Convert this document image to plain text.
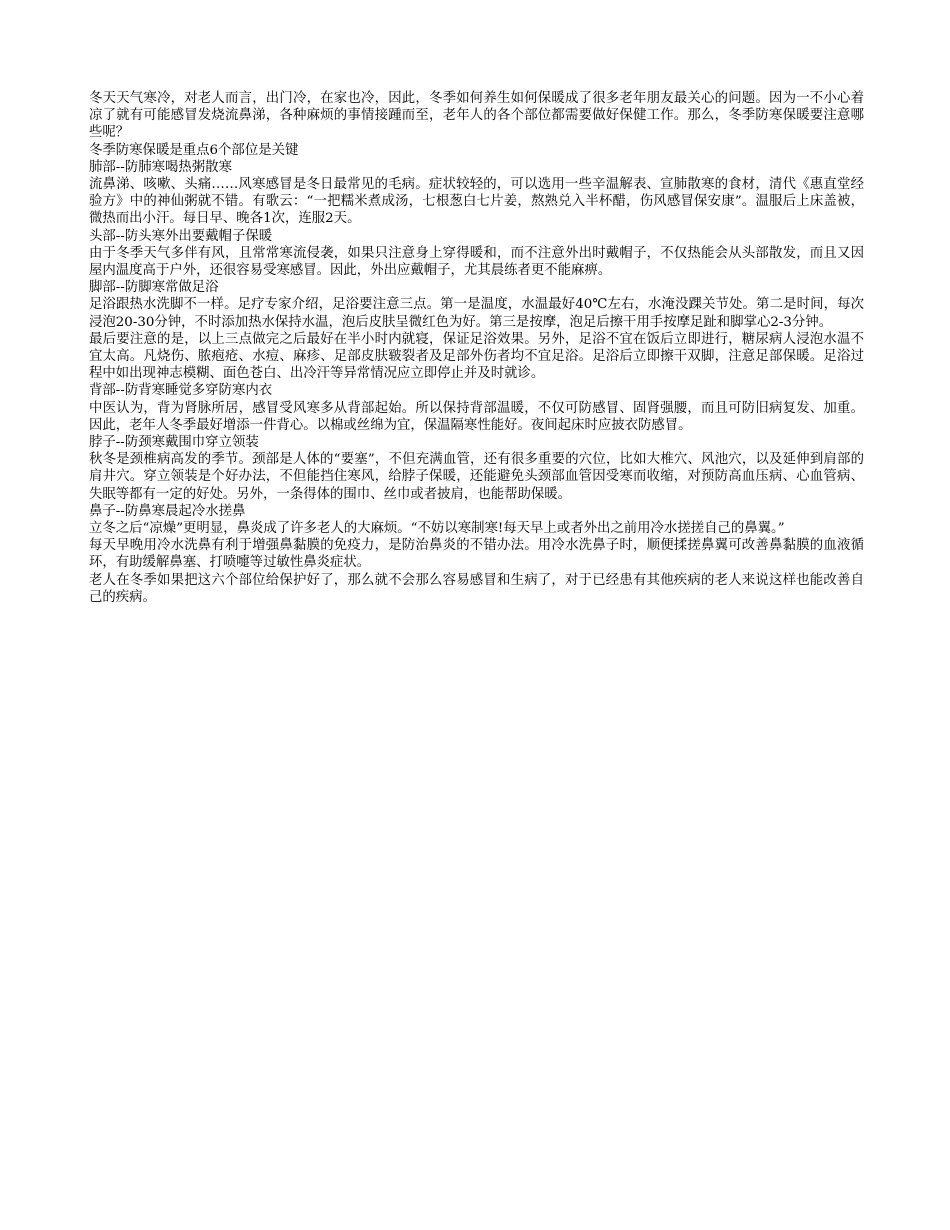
冬天天气寒冷，对老人而言，出门冷，在家也冷，因此，冬季如何养生如何保暖成了很多老年朋友最关心的问题。因为一不小心着凉了就有可能感冒发烧流鼻涕，各种麻烦的事情接踵而至，老年人的各个部位都需要做好保健工作。那么，冬季防寒保暖要注意哪些呢？

冬季防寒保暖是重点6个部位是关键

肺部--防肺寒喝热粥散寒

流鼻涕、咳嗽、头痛……风寒感冒是冬日最常见的毛病。症状较轻的，可以选用一些辛温解表、宣肺散寒的食材，清代《惠直堂经验方》中的神仙粥就不错。有歌云：“一把糯米煮成汤，七根葱白七片姜，熬熟兑入半杯醋，伤风感冒保安康”。温服后上床盖被，微热而出小汗。每日早、晚各1次，连服2天。

头部--防头寒外出要戴帽子保暖

由于冬季天气多伴有风，且常常寒流侵袭，如果只注意身上穿得暖和，而不注意外出时戴帽子，不仅热能会从头部散发，而且又因屋内温度高于户外，还很容易受寒感冒。因此，外出应戴帽子，尤其晨练者更不能麻痹。

脚部--防脚寒常做足浴

足浴跟热水洗脚不一样。足疗专家介绍，足浴要注意三点。第一是温度，水温最好40℃左右，水淹没踝关节处。第二是时间，每次浸泡20-30分钟，不时添加热水保持水温，泡后皮肤呈微红色为好。第三是按摩，泡足后擦干用手按摩足趾和脚掌心2-3分钟。

最后要注意的是，以上三点做完之后最好在半小时内就寝，保证足浴效果。另外，足浴不宜在饭后立即进行，糖尿病人浸泡水温不宜太高。凡烧伤、脓疱疮、水痘、麻疹、足部皮肤皲裂者及足部外伤者均不宜足浴。足浴后立即擦干双脚，注意足部保暖。足浴过程中如出现神志模糊、面色苍白、出冷汗等异常情况应立即停止并及时就诊。

背部--防背寒睡觉多穿防寒内衣

中医认为，背为肾脉所居，感冒受风寒多从背部起始。所以保持背部温暖，不仅可防感冒、固肾强腰，而且可防旧病复发、加重。因此，老年人冬季最好增添一件背心。以棉或丝绵为宜，保温隔寒性能好。夜间起床时应披衣防感冒。

脖子--防颈寒戴围巾穿立领装

秋冬是颈椎病高发的季节。颈部是人体的“要塞”，不但充满血管，还有很多重要的穴位，比如大椎穴、风池穴，以及延伸到肩部的肩井穴。穿立领装是个好办法，不但能挡住寒风，给脖子保暖，还能避免头颈部血管因受寒而收缩，对预防高血压病、心血管病、失眠等都有一定的好处。另外，一条得体的围巾、丝巾或者披肩，也能帮助保暖。

鼻子--防鼻寒晨起冷水搓鼻

立冬之后“凉燥”更明显，鼻炎成了许多老人的大麻烦。“不妨以寒制寒!每天早上或者外出之前用冷水搓搓自己的鼻翼。”

每天早晚用冷水洗鼻有利于增强鼻黏膜的免疫力，是防治鼻炎的不错办法。用冷水洗鼻子时，顺便揉搓鼻翼可改善鼻黏膜的血液循环，有助缓解鼻塞、打喷嚏等过敏性鼻炎症状。

老人在冬季如果把这六个部位给保护好了，那么就不会那么容易感冒和生病了，对于已经患有其他疾病的老人来说这样也能改善自己的疾病。
